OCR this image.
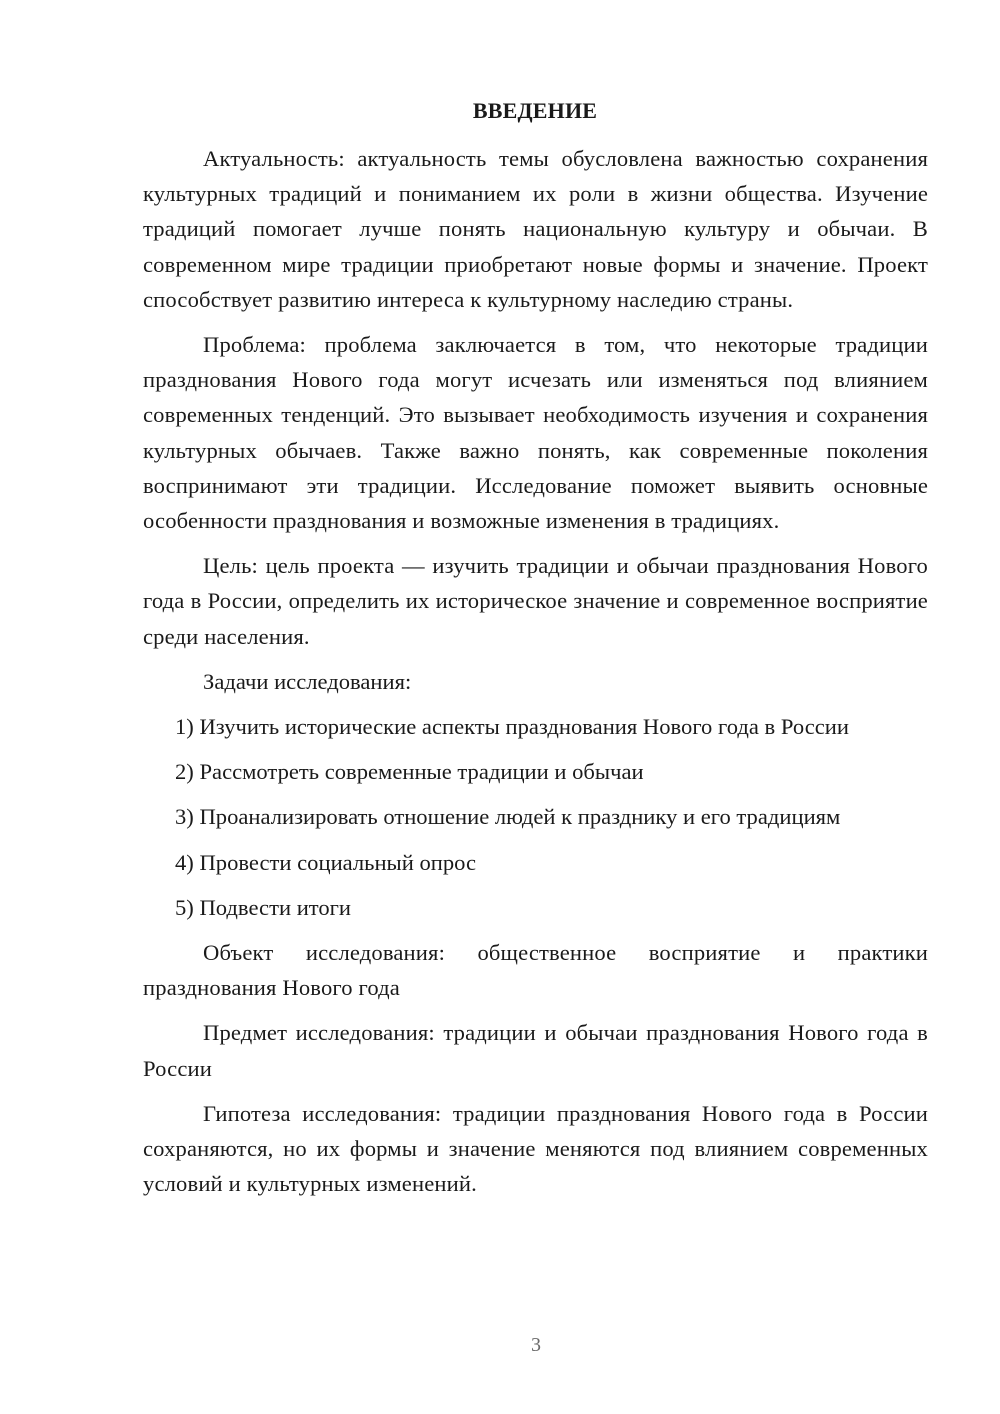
ВВЕДЕНИЕ

Актуальность: актуальность темы обусловлена важностью сохранения культурных традиций и пониманием их роли в жизни общества. Изучение традиций помогает лучше понять национальную культуру и обычаи. В современном мире традиции приобретают новые формы и значение. Проект способствует развитию интереса к культурному наследию страны.

Проблема: проблема заключается в том, что некоторые традиции празднования Нового года могут исчезать или изменяться под влиянием современных тенденций. Это вызывает необходимость изучения и сохранения культурных обычаев. Также важно понять, как современные поколения воспринимают эти традиции. Исследование поможет выявить основные особенности празднования и возможные изменения в традициях.

Цель: цель проекта — изучить традиции и обычаи празднования Нового года в России, определить их историческое значение и современное восприятие среди населения.

Задачи исследования:

1) Изучить исторические аспекты празднования Нового года в России
2) Рассмотреть современные традиции и обычаи
3) Проанализировать отношение людей к празднику и его традициям
4) Провести социальный опрос
5) Подвести итоги

Объект исследования: общественное восприятие и практики празднования Нового года

Предмет исследования: традиции и обычаи празднования Нового года в России

Гипотеза исследования: традиции празднования Нового года в России сохраняются, но их формы и значение меняются под влиянием современных условий и культурных изменений.

3
